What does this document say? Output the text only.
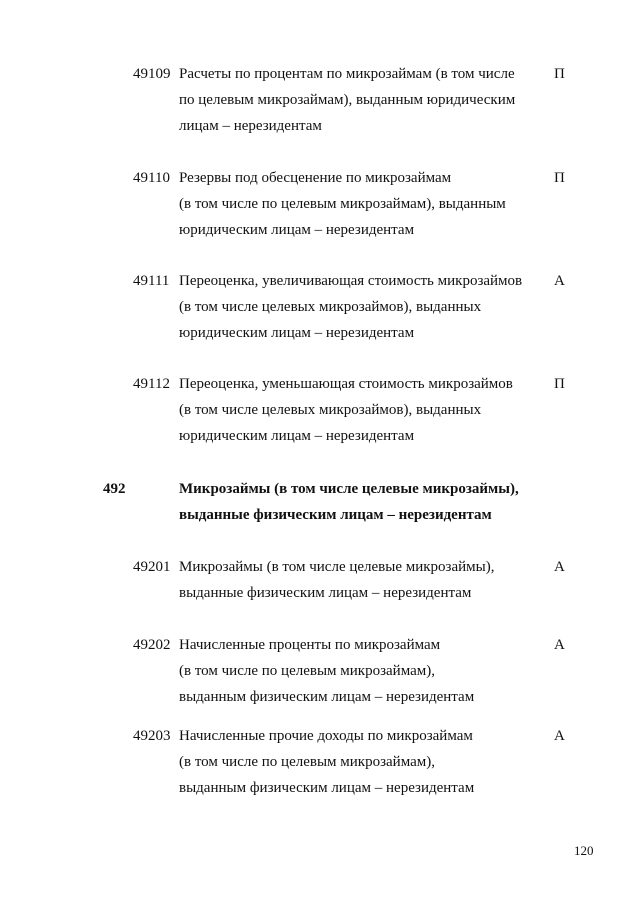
49109 Расчеты по процентам по микрозаймам (в том числе
по целевым микрозаймам), выданным юридическим
лицам – нерезидентам
П
49110 Резервы под обесценение по микрозаймам
(в том числе по целевым микрозаймам), выданным
юридическим лицам – нерезидентам
П
49111 Переоценка, увеличивающая стоимость микрозаймов
(в том числе целевых микрозаймов), выданных
юридическим лицам – нерезидентам
А
49112 Переоценка, уменьшающая стоимость микрозаймов
(в том числе целевых микрозаймов), выданных
юридическим лицам – нерезидентам
П
492	Микрозаймы (в том числе целевые микрозаймы),
выданные физическим лицам – нерезидентам
49201 Микрозаймы (в том числе целевые микрозаймы),
выданные физическим лицам – нерезидентам
А
49202 Начисленные проценты по микрозаймам
(в том числе по целевым микрозаймам),
выданным физическим лицам – нерезидентам
А
49203 Начисленные прочие доходы по микрозаймам
(в том числе по целевым микрозаймам),
выданным физическим лицам – нерезидентам
А
120
